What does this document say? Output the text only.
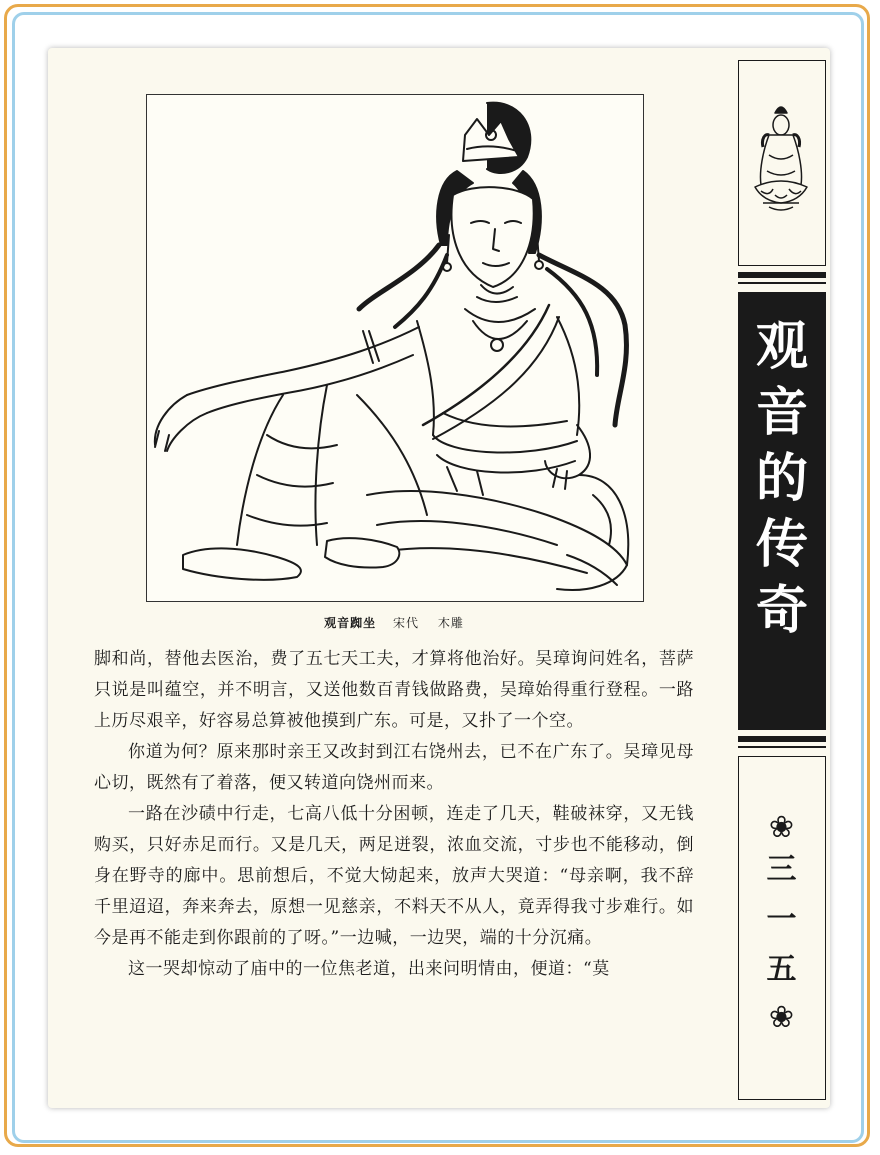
观音踟坐 宋代 木雕

脚和尚，替他去医治，费了五七天工夫，才算将他治好。吴璋询问姓名，菩萨只说是叫蕴空，并不明言，又送他数百青钱做路费，吴璋始得重行登程。一路上历尽艰辛，好容易总算被他摸到广东。可是，又扑了一个空。

你道为何？原来那时亲王又改封到江右饶州去，已不在广东了。吴璋见母心切，既然有了着落，便又转道向饶州而来。

一路在沙碛中行走，七高八低十分困顿，连走了几天，鞋破袜穿，又无钱购买，只好赤足而行。又是几天，两足迸裂，浓血交流，寸步也不能移动，倒身在野寺的廊中。思前想后，不觉大恸起来，放声大哭道：“母亲啊，我不辞千里迢迢，奔来奔去，原想一见慈亲，不料天不从人，竟弄得我寸步难行。如今是再不能走到你跟前的了呀。”一边喊，一边哭，端的十分沉痛。

这一哭却惊动了庙中的一位焦老道，出来问明情由，便道：“莫

观
音
的
传
奇
❀
三
一
五
❀
